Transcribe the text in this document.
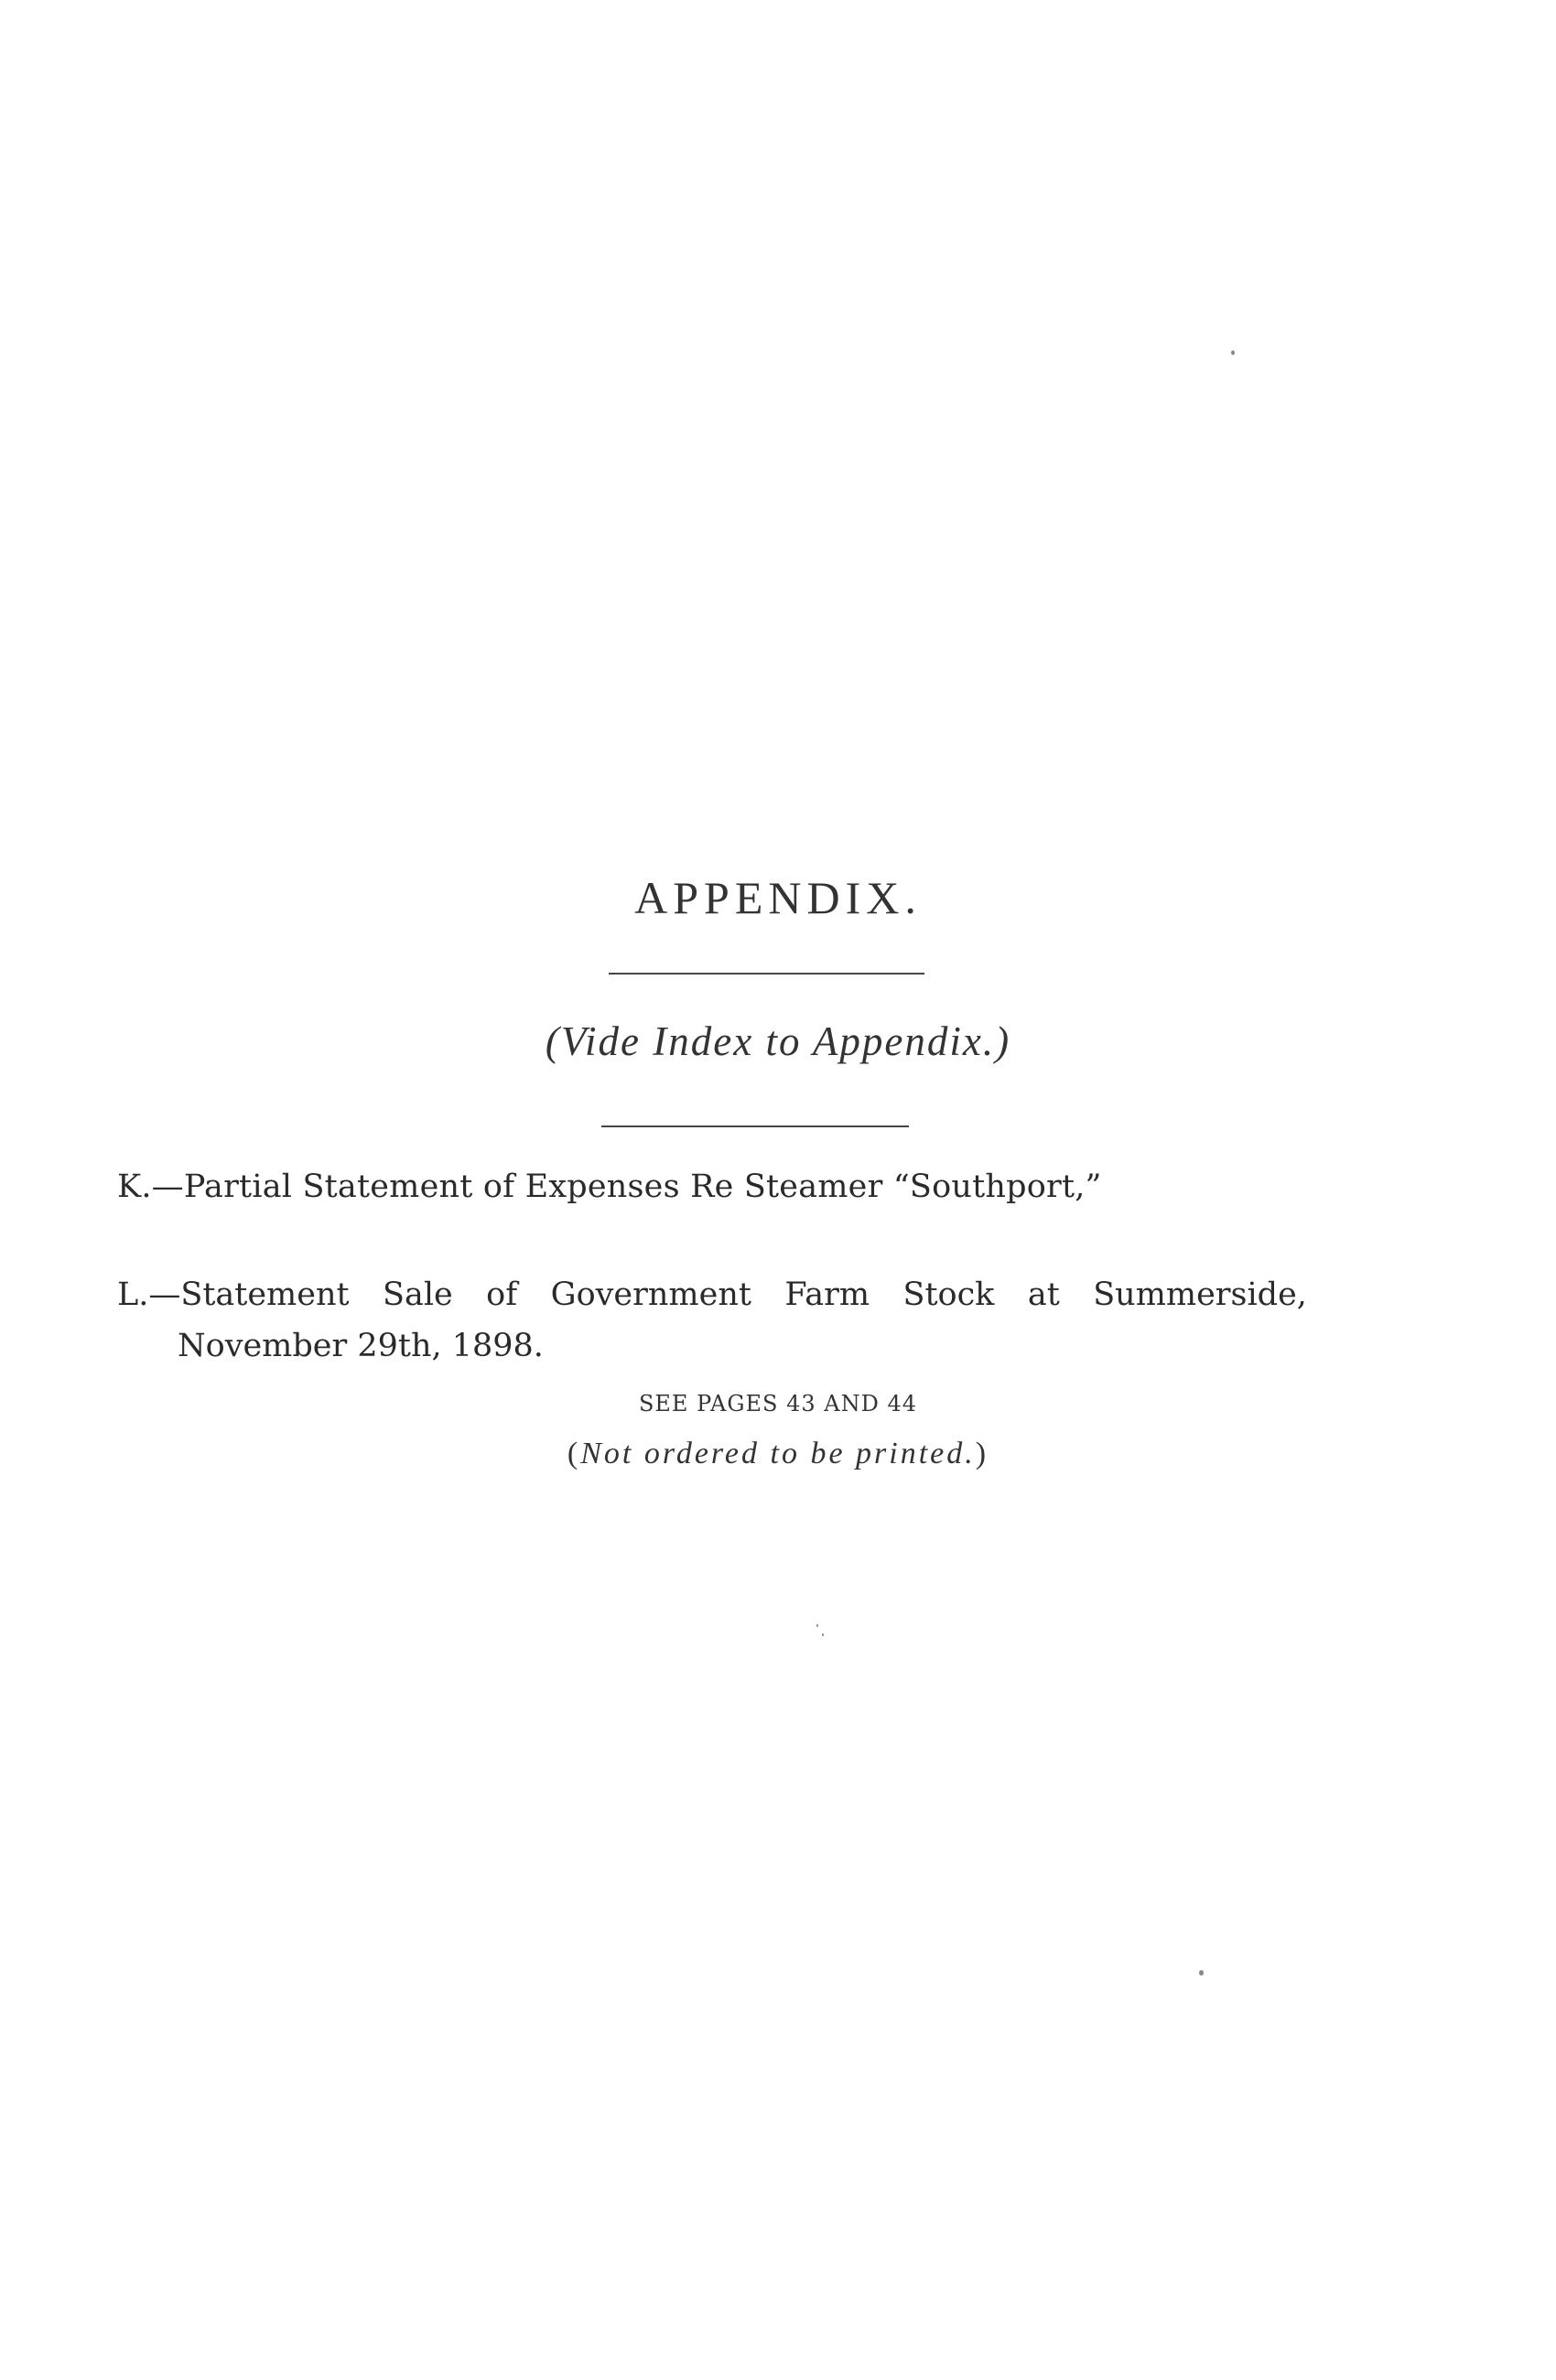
APPENDIX.
(Vide Index to Appendix.)
K.—Partial Statement of Expenses Re Steamer “Southport,”
L.—Statement Sale of Government Farm Stock at Summerside,
November 29th, 1898.
SEE PAGES 43 AND 44
(Not ordered to be printed.)
